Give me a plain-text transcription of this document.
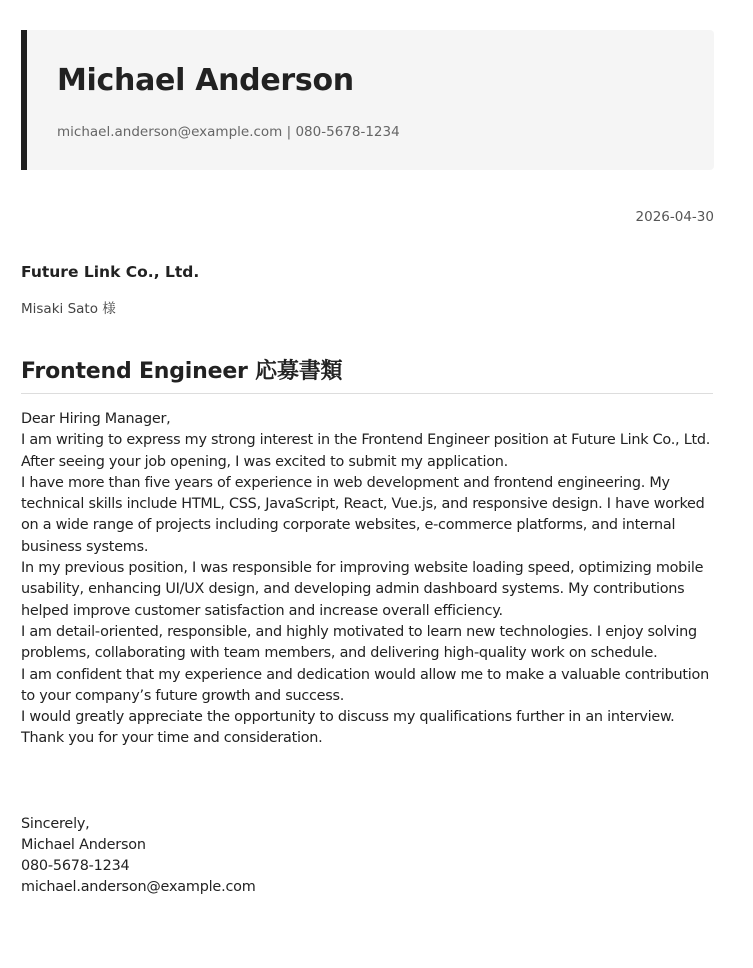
Michael Anderson
michael.anderson@example.com | 080-5678-1234
2026-04-30
Future Link Co., Ltd.
Misaki Sato 様
Frontend Engineer 応募書類
Dear Hiring Manager,
I am writing to express my strong interest in the Frontend Engineer position at Future Link Co., Ltd.
After seeing your job opening, I was excited to submit my application.
I have more than five years of experience in web development and frontend engineering. My
technical skills include HTML, CSS, JavaScript, React, Vue.js, and responsive design. I have worked
on a wide range of projects including corporate websites, e-commerce platforms, and internal
business systems.
In my previous position, I was responsible for improving website loading speed, optimizing mobile
usability, enhancing UI/UX design, and developing admin dashboard systems. My contributions
helped improve customer satisfaction and increase overall efficiency.
I am detail-oriented, responsible, and highly motivated to learn new technologies. I enjoy solving
problems, collaborating with team members, and delivering high-quality work on schedule.
I am confident that my experience and dedication would allow me to make a valuable contribution
to your company’s future growth and success.
I would greatly appreciate the opportunity to discuss my qualifications further in an interview.
Thank you for your time and consideration.
Sincerely,
Michael Anderson
080-5678-1234
michael.anderson@example.com
